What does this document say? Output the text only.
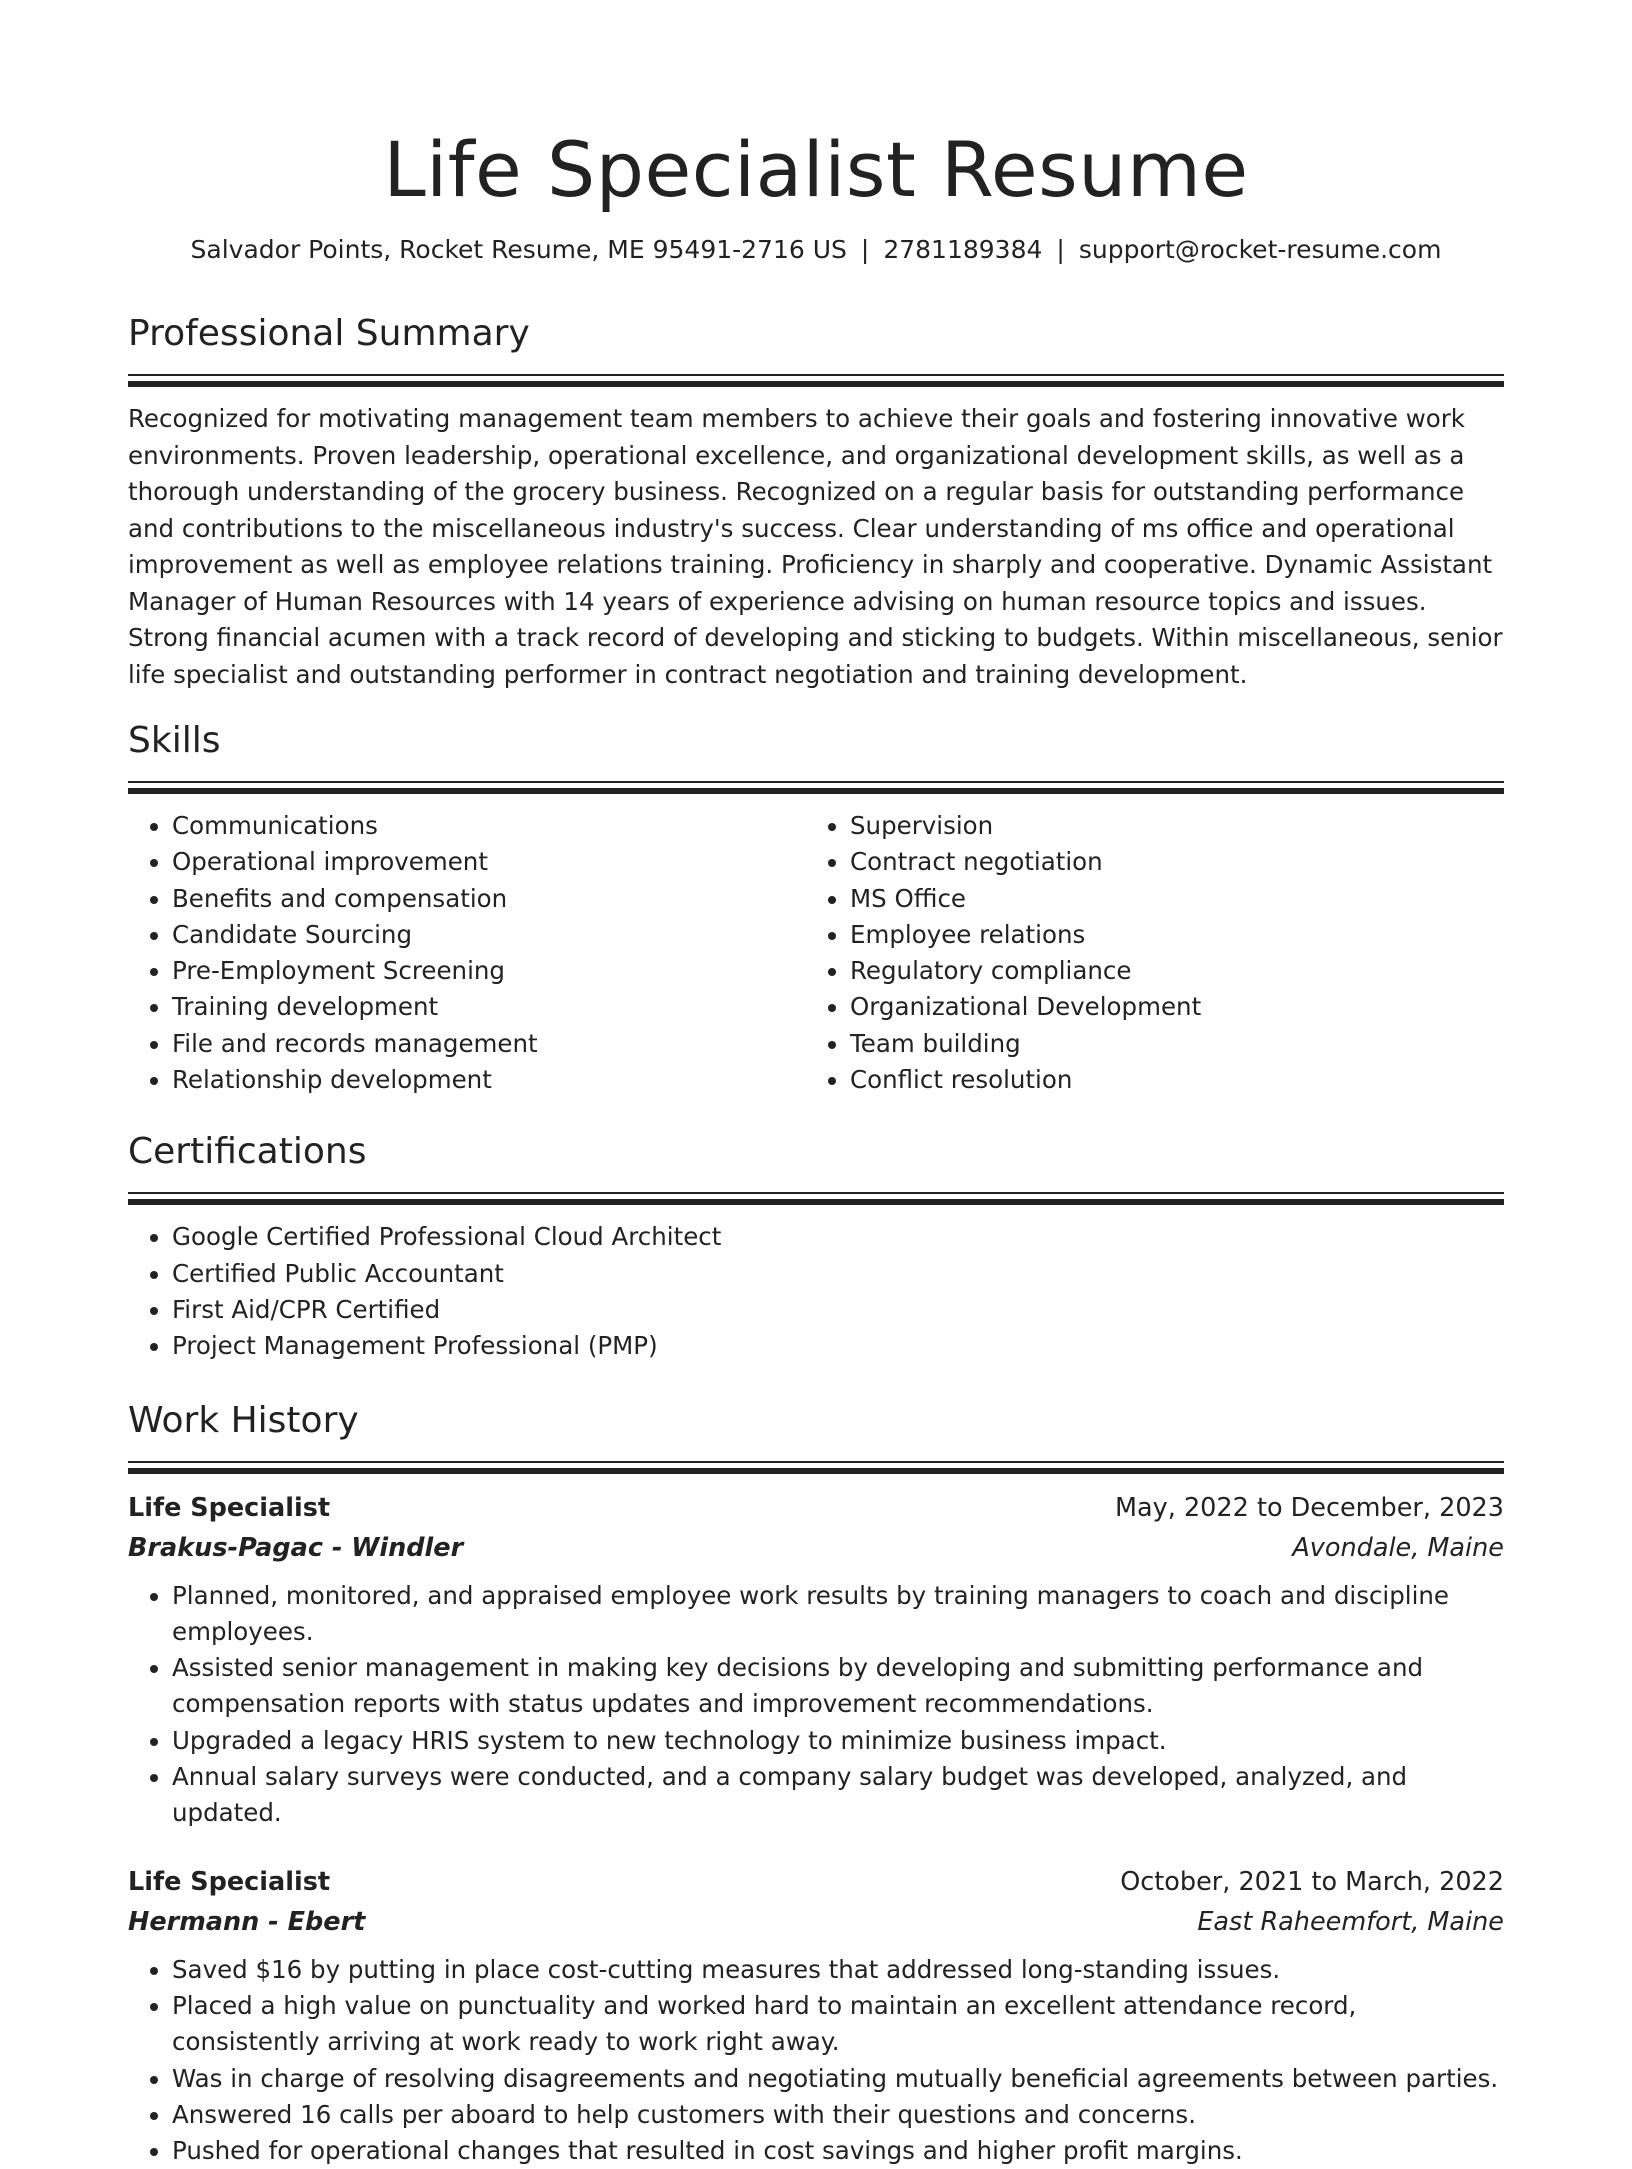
Life Specialist Resume
Salvador Points, Rocket Resume, ME 95491-2716 US | 2781189384 | support@rocket-resume.com
Professional Summary

Recognized for motivating management team members to achieve their goals and fostering innovative work environments. Proven leadership, operational excellence, and organizational development skills, as well as a thorough understanding of the grocery business. Recognized on a regular basis for outstanding performance and contributions to the miscellaneous industry's success. Clear understanding of ms office and operational improvement as well as employee relations training. Proficiency in sharply and cooperative. Dynamic Assistant Manager of Human Resources with 14 years of experience advising on human resource topics and issues. Strong financial acumen with a track record of developing and sticking to budgets. Within miscellaneous, senior life specialist and outstanding performer in contract negotiation and training development.

Skills
• Communications
• Operational improvement
• Benefits and compensation
• Candidate Sourcing
• Pre-Employment Screening
• Training development
• File and records management
• Relationship development
• Supervision
• Contract negotiation
• MS Office
• Employee relations
• Regulatory compliance
• Organizational Development
• Team building
• Conflict resolution
Certifications
• Google Certified Professional Cloud Architect
• Certified Public Accountant
• First Aid/CPR Certified
• Project Management Professional (PMP)
Work History
Life Specialist	May, 2022 to December, 2023
Brakus-Pagac - Windler	Avondale, Maine
• Planned, monitored, and appraised employee work results by training managers to coach and discipline employees.
• Assisted senior management in making key decisions by developing and submitting performance and compensation reports with status updates and improvement recommendations.
• Upgraded a legacy HRIS system to new technology to minimize business impact.
• Annual salary surveys were conducted, and a company salary budget was developed, analyzed, and updated.
Life Specialist	October, 2021 to March, 2022
Hermann - Ebert	East Raheemfort, Maine
• Saved $16 by putting in place cost-cutting measures that addressed long-standing issues.
• Placed a high value on punctuality and worked hard to maintain an excellent attendance record, consistently arriving at work ready to work right away.
• Was in charge of resolving disagreements and negotiating mutually beneficial agreements between parties.
• Answered 16 calls per aboard to help customers with their questions and concerns.
• Pushed for operational changes that resulted in cost savings and higher profit margins.
